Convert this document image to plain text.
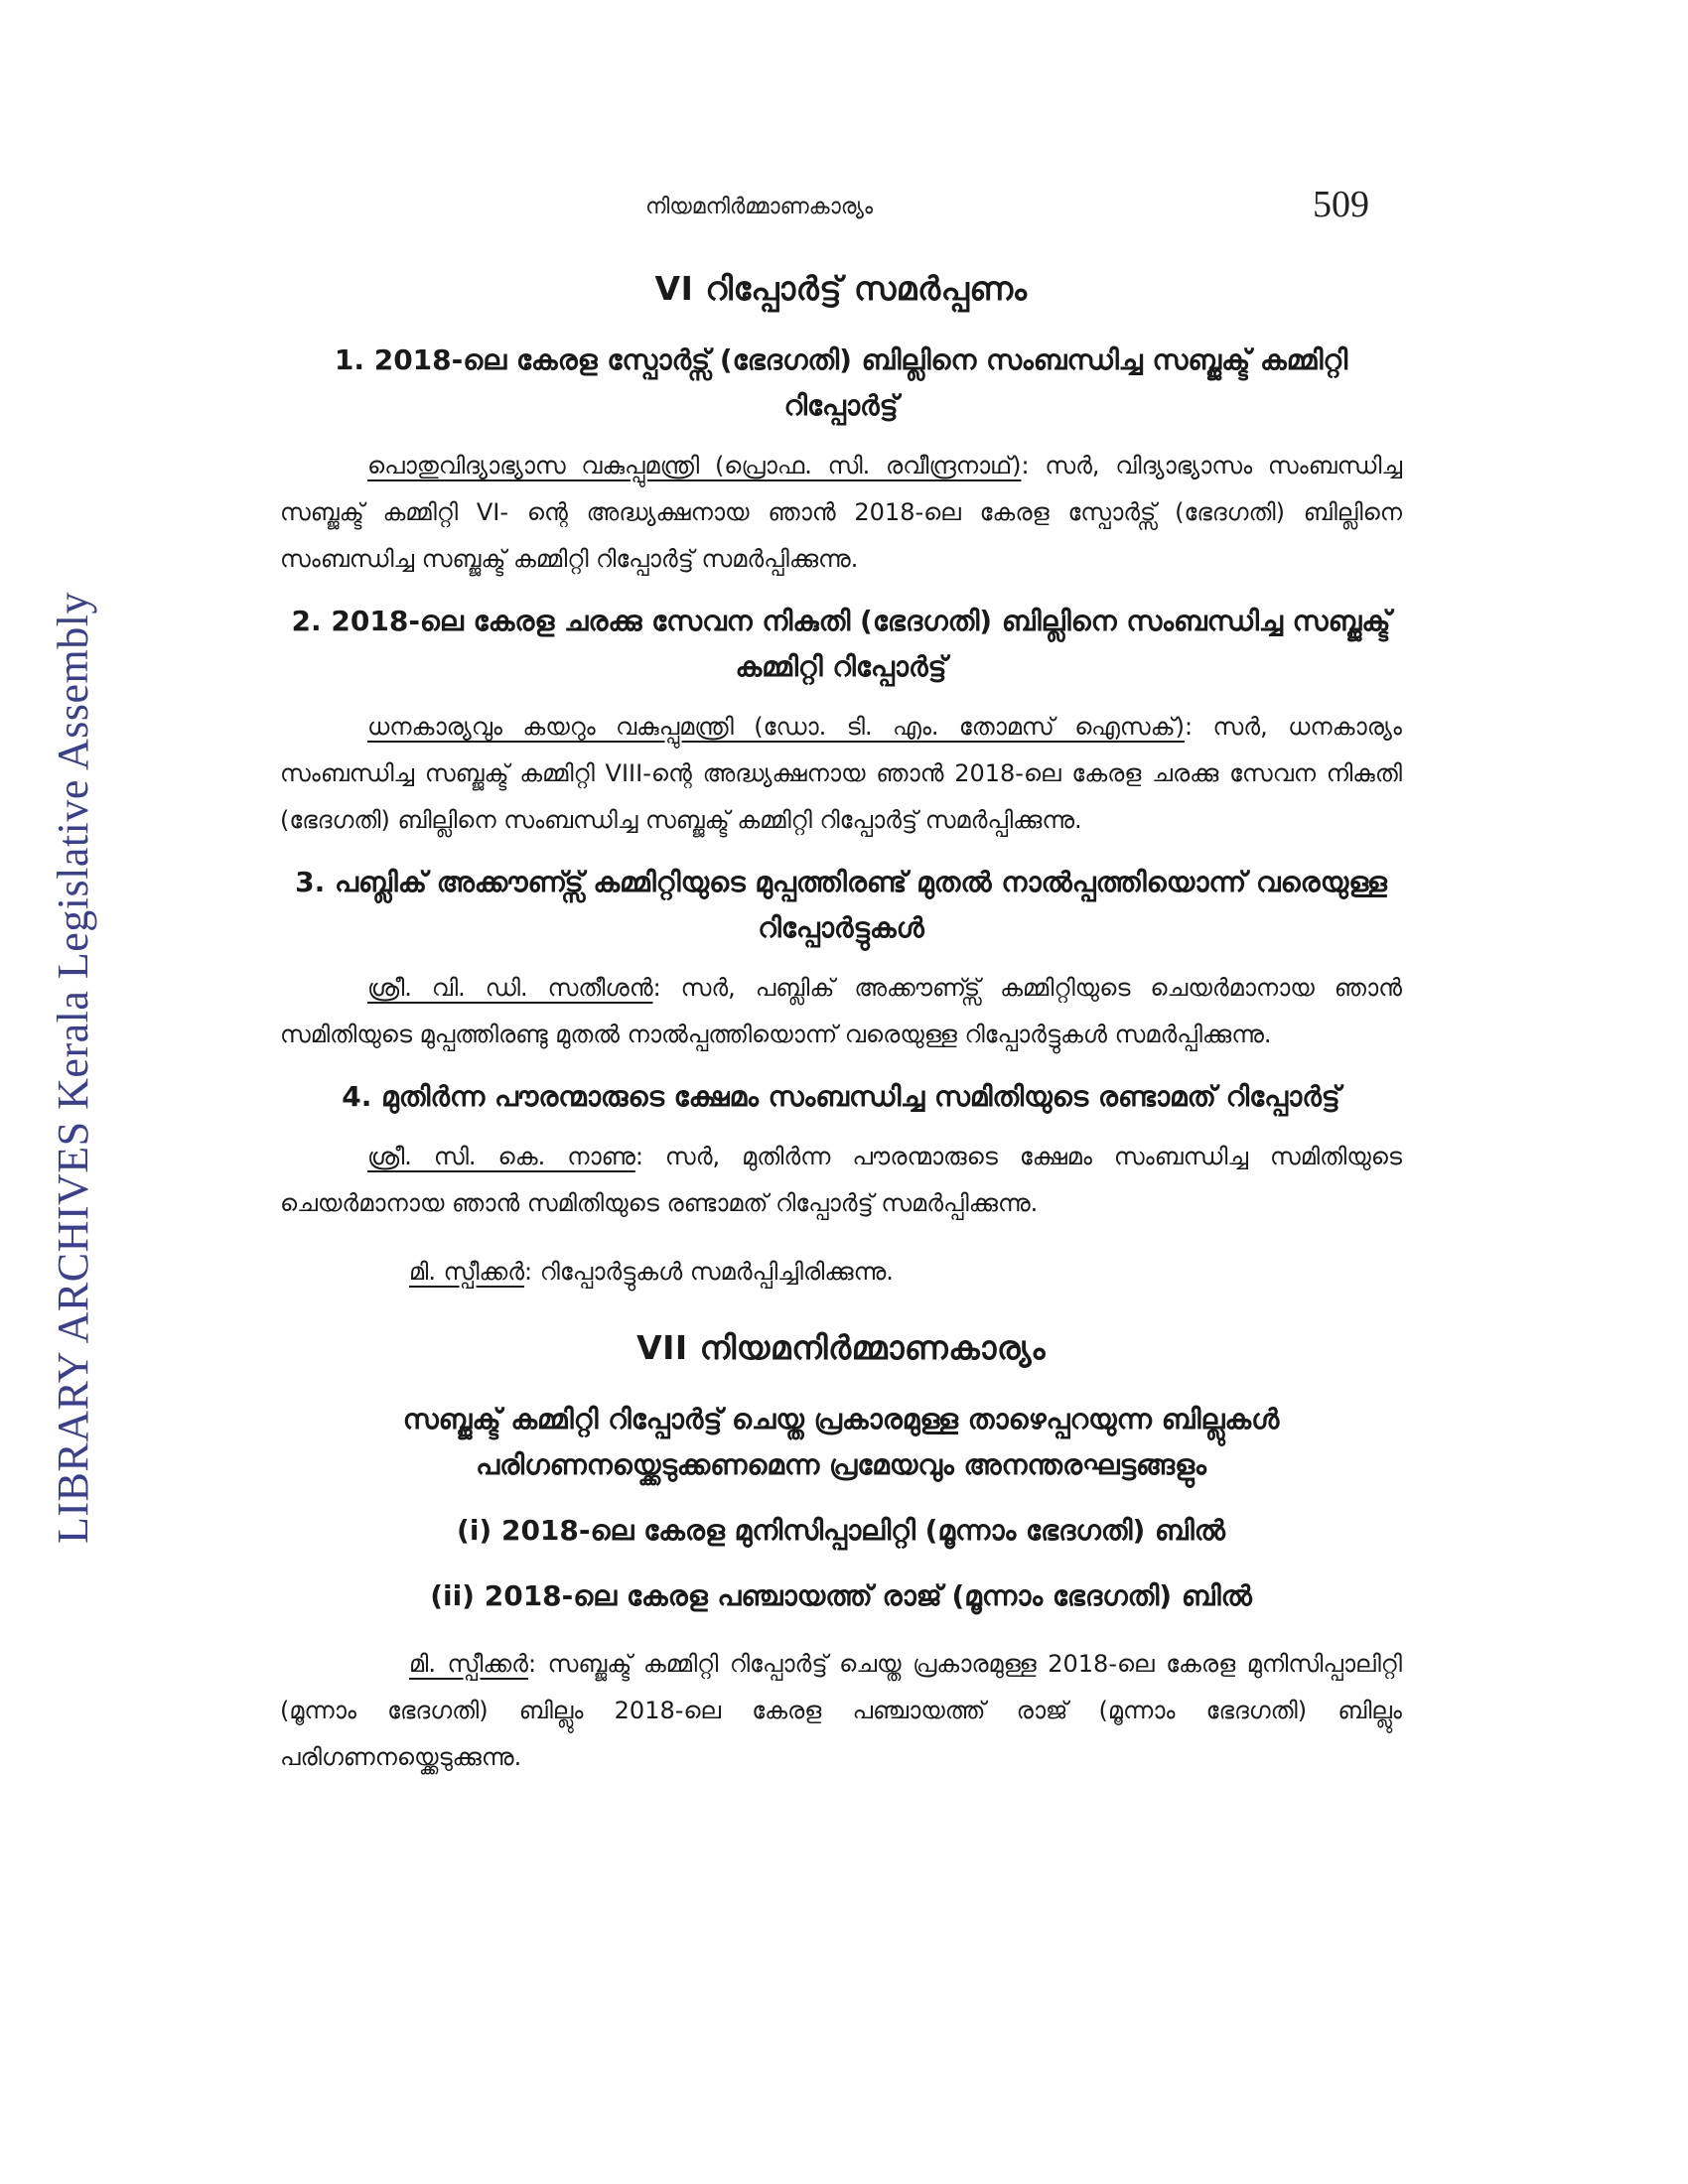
LIBRARY ARCHIVES Kerala Legislative Assembly
നിയമനിർമ്മാണകാര്യം	509
VI റിപ്പോർട്ട് സമർപ്പണം
1. 2018-ലെ കേരള സ്പോർട്സ് (ഭേദഗതി) ബില്ലിനെ സംബന്ധിച്ച സബ്ജക്ട് കമ്മിറ്റി റിപ്പോർട്ട്

പൊതുവിദ്യാഭ്യാസ വകുപ്പുമന്ത്രി (പ്രൊഫ. സി. രവീന്ദ്രനാഥ്): സർ, വിദ്യാഭ്യാസം സംബന്ധിച്ച സബ്ജക്ട് കമ്മിറ്റി VI- ന്റെ അദ്ധ്യക്ഷനായ ഞാൻ 2018-ലെ കേരള സ്പോർട്സ് (ഭേദഗതി) ബില്ലിനെ സംബന്ധിച്ച സബ്ജക്ട് കമ്മിറ്റി റിപ്പോർട്ട് സമർപ്പിക്കുന്നു.

2. 2018-ലെ കേരള ചരക്കു സേവന നികുതി (ഭേദഗതി) ബില്ലിനെ സംബന്ധിച്ച സബ്ജക്ട് കമ്മിറ്റി റിപ്പോർട്ട്

ധനകാര്യവും കയറും വകുപ്പുമന്ത്രി (ഡോ. ടി. എം. തോമസ് ഐസക്): സർ, ധനകാര്യം സംബന്ധിച്ച സബ്ജക്ട് കമ്മിറ്റി VIII-ന്റെ അദ്ധ്യക്ഷനായ ഞാൻ 2018-ലെ കേരള ചരക്കു സേവന നികുതി (ഭേദഗതി) ബില്ലിനെ സംബന്ധിച്ച സബ്ജക്ട് കമ്മിറ്റി റിപ്പോർട്ട് സമർപ്പിക്കുന്നു.

3. പബ്ലിക് അക്കൗണ്ട്സ് കമ്മിറ്റിയുടെ മുപ്പത്തിരണ്ട് മുതൽ നാൽപ്പത്തിയൊന്ന് വരെയുള്ള റിപ്പോർട്ടുകൾ

ശ്രീ. വി. ഡി. സതീശൻ: സർ, പബ്ലിക് അക്കൗണ്ട്സ് കമ്മിറ്റിയുടെ ചെയർമാനായ ഞാൻ സമിതിയുടെ മുപ്പത്തിരണ്ടു മുതൽ നാൽപ്പത്തിയൊന്ന് വരെയുള്ള റിപ്പോർട്ടുകൾ സമർപ്പിക്കുന്നു.

4. മുതിർന്ന പൗരന്മാരുടെ ക്ഷേമം സംബന്ധിച്ച സമിതിയുടെ രണ്ടാമത് റിപ്പോർട്ട്

ശ്രീ. സി. കെ. നാണു: സർ, മുതിർന്ന പൗരന്മാരുടെ ക്ഷേമം സംബന്ധിച്ച സമിതിയുടെ ചെയർമാനായ ഞാൻ സമിതിയുടെ രണ്ടാമത് റിപ്പോർട്ട് സമർപ്പിക്കുന്നു.

മി. സ്പീക്കർ: റിപ്പോർട്ടുകൾ സമർപ്പിച്ചിരിക്കുന്നു.

VII നിയമനിർമ്മാണകാര്യം
സബ്ജക്ട് കമ്മിറ്റി റിപ്പോർട്ട് ചെയ്ത പ്രകാരമുള്ള താഴെപ്പറയുന്ന ബില്ലുകൾ പരിഗണനയ്ക്കെടുക്കണമെന്ന പ്രമേയവും അനന്തരഘട്ടങ്ങളും
(i) 2018-ലെ കേരള മുനിസിപ്പാലിറ്റി (മൂന്നാം ഭേദഗതി) ബിൽ
(ii) 2018-ലെ കേരള പഞ്ചായത്ത് രാജ് (മൂന്നാം ഭേദഗതി) ബിൽ

മി. സ്പീക്കർ: സബ്ജക്ട് കമ്മിറ്റി റിപ്പോർട്ട് ചെയ്ത പ്രകാരമുള്ള 2018-ലെ കേരള മുനിസിപ്പാലിറ്റി (മൂന്നാം ഭേദഗതി) ബില്ലും 2018-ലെ കേരള പഞ്ചായത്ത് രാജ് (മൂന്നാം ഭേദഗതി) ബില്ലും പരിഗണനയ്ക്കെടുക്കുന്നു.
